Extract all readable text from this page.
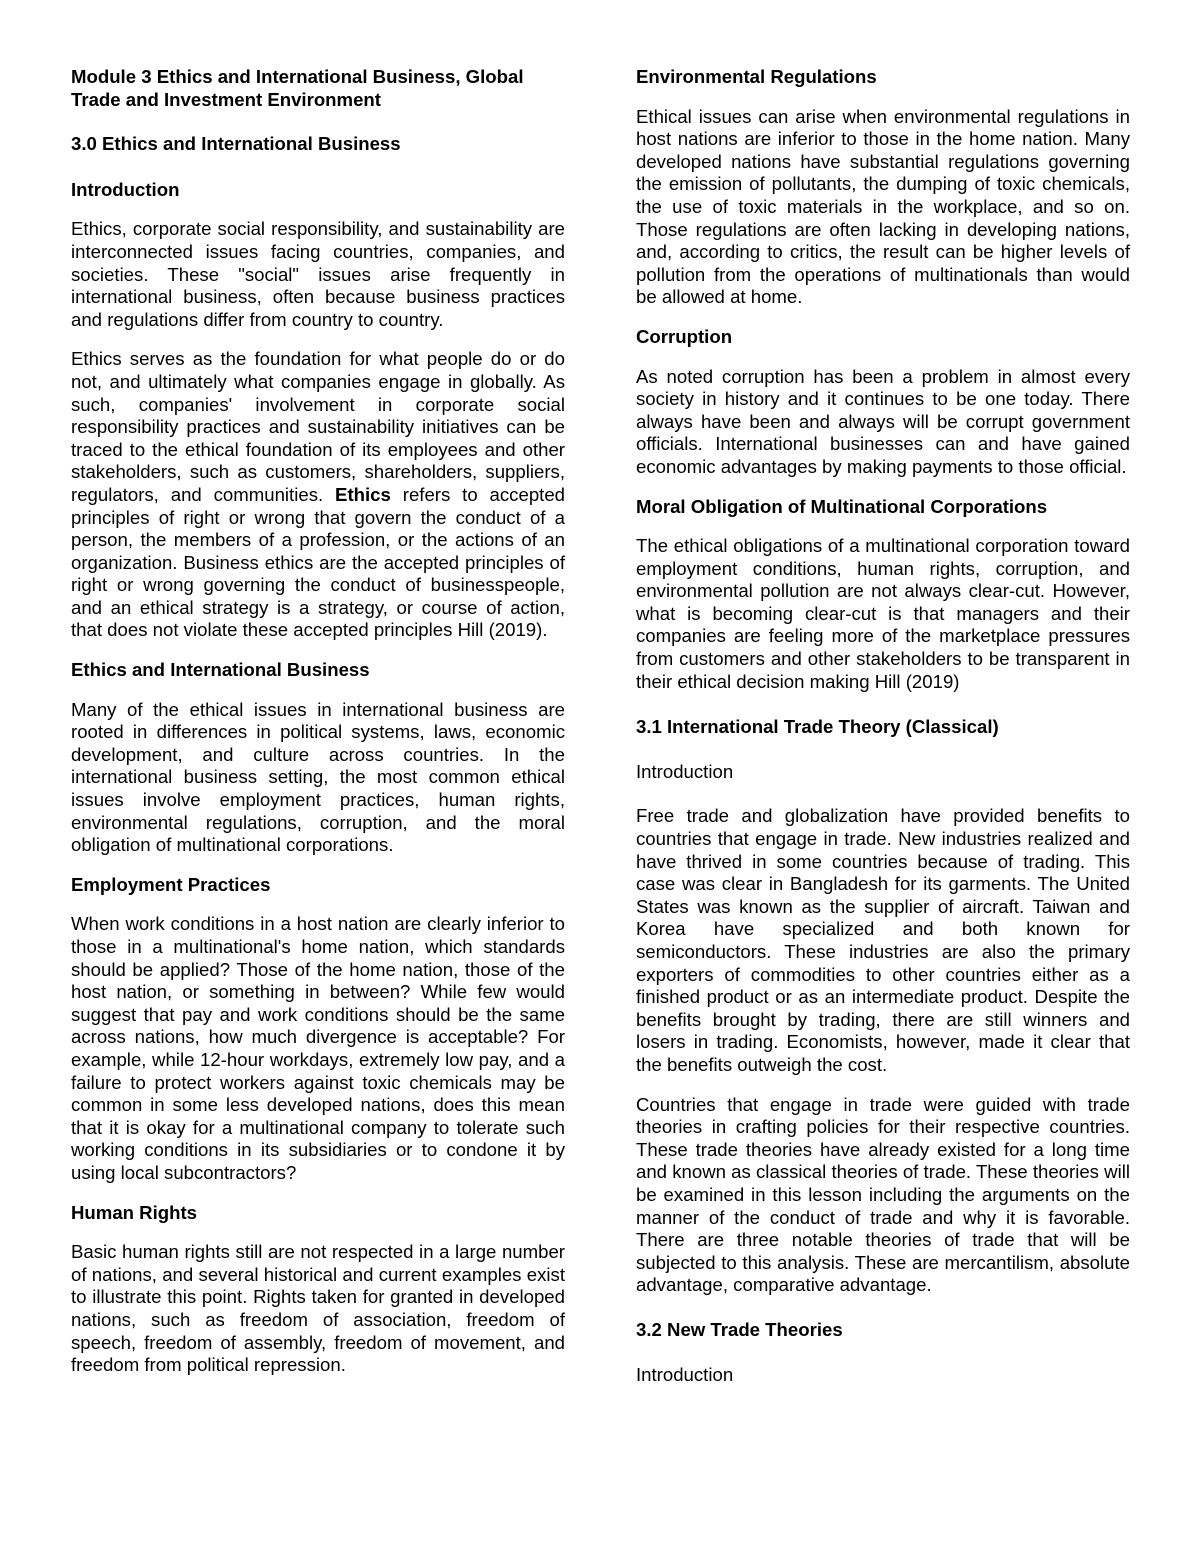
Module 3 Ethics and International Business, Global Trade and Investment Environment
3.0 Ethics and International Business
Introduction

Ethics, corporate social responsibility, and sustainability are interconnected issues facing countries, companies, and societies. These "social" issues arise frequently in international business, often because business practices and regulations differ from country to country.

Ethics serves as the foundation for what people do or do not, and ultimately what companies engage in globally. As such, companies' involvement in corporate social responsibility practices and sustainability initiatives can be traced to the ethical foundation of its employees and other stakeholders, such as customers, shareholders, suppliers, regulators, and communities. Ethics refers to accepted principles of right or wrong that govern the conduct of a person, the members of a profession, or the actions of an organization. Business ethics are the accepted principles of right or wrong governing the conduct of businesspeople, and an ethical strategy is a strategy, or course of action, that does not violate these accepted principles Hill (2019).

Ethics and International Business

Many of the ethical issues in international business are rooted in differences in political systems, laws, economic development, and culture across countries. In the international business setting, the most common ethical issues involve employment practices, human rights, environmental regulations, corruption, and the moral obligation of multinational corporations.

Employment Practices

When work conditions in a host nation are clearly inferior to those in a multinational's home nation, which standards should be applied? Those of the home nation, those of the host nation, or something in between? While few would suggest that pay and work conditions should be the same across nations, how much divergence is acceptable? For example, while 12-hour workdays, extremely low pay, and a failure to protect workers against toxic chemicals may be common in some less developed nations, does this mean that it is okay for a multinational company to tolerate such working conditions in its subsidiaries or to condone it by using local subcontractors?

Human Rights

Basic human rights still are not respected in a large number of nations, and several historical and current examples exist to illustrate this point. Rights taken for granted in developed nations, such as freedom of association, freedom of speech, freedom of assembly, freedom of movement, and freedom from political repression.

Environmental Regulations

Ethical issues can arise when environmental regulations in host nations are inferior to those in the home nation. Many developed nations have substantial regulations governing the emission of pollutants, the dumping of toxic chemicals, the use of toxic materials in the workplace, and so on. Those regulations are often lacking in developing nations, and, according to critics, the result can be higher levels of pollution from the operations of multinationals than would be allowed at home.

Corruption

As noted corruption has been a problem in almost every society in history and it continues to be one today. There always have been and always will be corrupt government officials. International businesses can and have gained economic advantages by making payments to those official.

Moral Obligation of Multinational Corporations

The ethical obligations of a multinational corporation toward employment conditions, human rights, corruption, and environmental pollution are not always clear-cut. However, what is becoming clear-cut is that managers and their companies are feeling more of the marketplace pressures from customers and other stakeholders to be transparent in their ethical decision making Hill (2019)

3.1 International Trade Theory (Classical)

Introduction

Free trade and globalization have provided benefits to countries that engage in trade. New industries realized and have thrived in some countries because of trading. This case was clear in Bangladesh for its garments. The United States was known as the supplier of aircraft. Taiwan and Korea have specialized and both known for semiconductors. These industries are also the primary exporters of commodities to other countries either as a finished product or as an intermediate product. Despite the benefits brought by trading, there are still winners and losers in trading. Economists, however, made it clear that the benefits outweigh the cost.

Countries that engage in trade were guided with trade theories in crafting policies for their respective countries. These trade theories have already existed for a long time and known as classical theories of trade. These theories will be examined in this lesson including the arguments on the manner of the conduct of trade and why it is favorable. There are three notable theories of trade that will be subjected to this analysis. These are mercantilism, absolute advantage, comparative advantage.

3.2 New Trade Theories

Introduction
